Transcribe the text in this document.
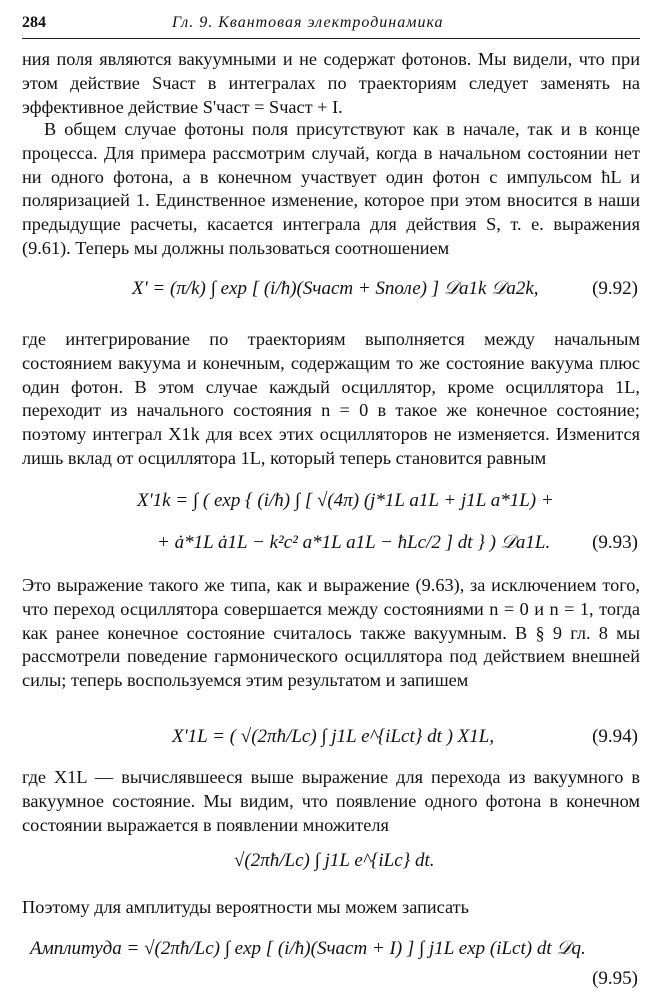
284	Гл. 9. Квантовая электродинамика

ния поля являются вакуумными и не содержат фотонов. Мы видели, что при этом действие Sчаст в интегралах по траекториям следует заменять на эффективное действие S'част = Sчаст + I.

В общем случае фотоны поля присутствуют как в начале, так и в конце процесса. Для примера рассмотрим случай, когда в начальном состоянии нет ни одного фотона, а в конечном участвует один фотон с импульсом ħL и поляризацией 1. Единственное изменение, которое при этом вносится в наши предыдущие расчеты, касается интеграла для действия S, т. е. выражения (9.61). Теперь мы должны пользоваться соотношением

X' = (π/k) ∫ exp [ (i/ħ)(Sчаст + Sполе) ] 𝒟a1k 𝒟a2k,	(9.92)

где интегрирование по траекториям выполняется между начальным состоянием вакуума и конечным, содержащим то же состояние вакуума плюс один фотон. В этом случае каждый осциллятор, кроме осциллятора 1L, переходит из начального состояния n = 0 в такое же конечное состояние; поэтому интеграл X1k для всех этих осцилляторов не изменяется. Изменится лишь вклад от осциллятора 1L, который теперь становится равным

X'1k = ∫ ( exp { (i/ħ) ∫ [ √(4π) (j*1L a1L + j1L a*1L) +
+ ȧ*1L ȧ1L − k²c² a*1L a1L − ħLc/2 ] dt } ) 𝒟a1L. (9.93)

Это выражение такого же типа, как и выражение (9.63), за исключением того, что переход осциллятора совершается между состояниями n = 0 и n = 1, тогда как ранее конечное состояние считалось также вакуумным. В § 9 гл. 8 мы рассмотрели поведение гармонического осциллятора под действием внешней силы; теперь воспользуемся этим результатом и запишем

X'1L = ( √(2πħ/Lc) ∫ j1L e^{iLct} dt ) X1L,	(9.94)

где X1L — вычислявшееся выше выражение для перехода из вакуумного в вакуумное состояние. Мы видим, что появление одного фотона в конечном состоянии выражается в появлении множителя

√(2πħ/Lc) ∫ j1L e^{iLc} dt.

Поэтому для амплитуды вероятности мы можем записать

Амплитуда = √(2πħ/Lc) ∫ exp [ (i/ħ)(Sчаст + I) ] ∫ j1L exp (iLct) dt 𝒟q.
(9.95)
